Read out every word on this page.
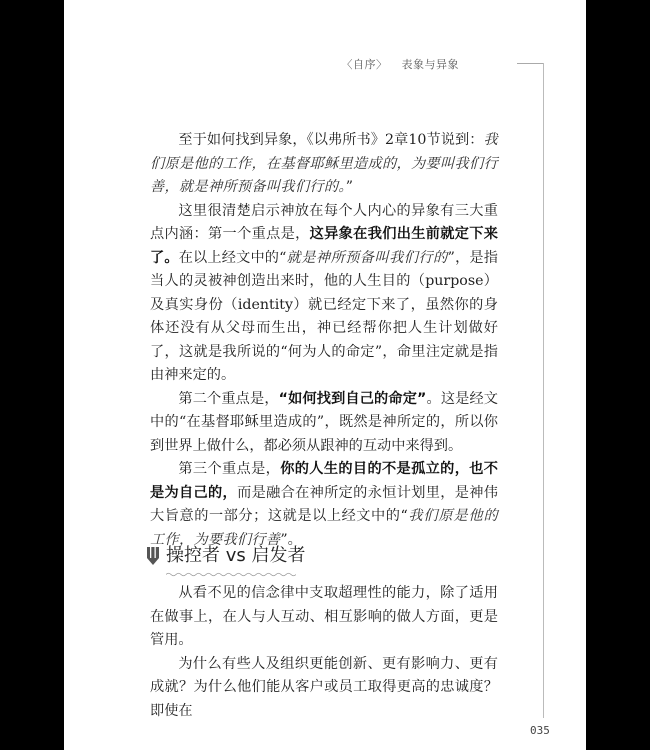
〈自序〉 表象与异象

至于如何找到异象，《以弗所书》2章10节说到：我们原是他的工作，在基督耶稣里造成的，为要叫我们行善，就是神所预备叫我们行的。”

这里很清楚启示神放在每个人内心的异象有三大重点内涵：第一个重点是，这异象在我们出生前就定下来了。在以上经文中的“就是神所预备叫我们行的”，是指当人的灵被神创造出来时，他的人生目的（purpose）及真实身份（identity）就已经定下来了，虽然你的身体还没有从父母而生出，神已经帮你把人生计划做好了，这就是我所说的“何为人的命定”，命里注定就是指由神来定的。

第二个重点是，“如何找到自己的命定”。这是经文中的“在基督耶稣里造成的”，既然是神所定的，所以你到世界上做什么，都必须从跟神的互动中来得到。

第三个重点是，你的人生的目的不是孤立的，也不是为自己的，而是融合在神所定的永恒计划里，是神伟大旨意的一部分；这就是以上经文中的“我们原是他的工作，为要我们行善”。

操控者 vs 启发者

从看不见的信念律中支取超理性的能力，除了适用在做事上，在人与人互动、相互影响的做人方面，更是管用。

为什么有些人及组织更能创新、更有影响力、更有成就？为什么他们能从客户或员工取得更高的忠诚度？即使在

035
